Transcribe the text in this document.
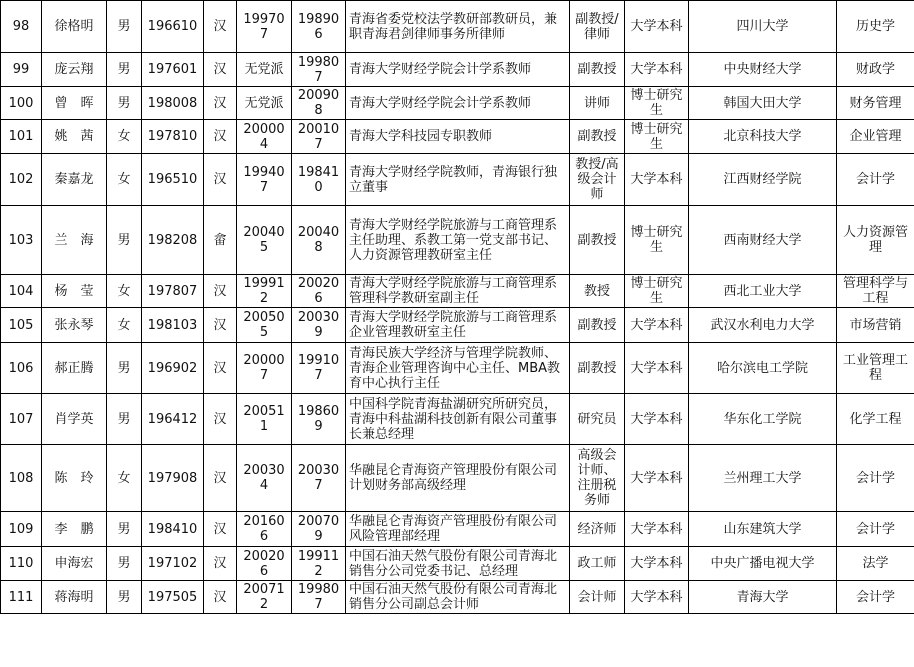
98	徐格明	男	196610	汉	199707	198906	青海省委党校法学教研部教研员，兼职青海君剑律师事务所律师	副教授/律师	大学本科	四川大学	历史学
99	庞云翔	男	197601	汉	无党派	199807	青海大学财经学院会计学系教师	副教授	大学本科	中央财经大学	财政学
100	曾　晖	男	198008	汉	无党派	200908	青海大学财经学院会计学系教师	讲师	博士研究生	韩国大田大学	财务管理
101	姚　茜	女	197810	汉	200004	200107	青海大学科技园专职教师	副教授	博士研究生	北京科技大学	企业管理
102	秦嘉龙	女	196510	汉	199407	198410	青海大学财经学院教师，青海银行独立董事	教授/高级会计师	大学本科	江西财经学院	会计学
103	兰　海	男	198208	畲	200405	200408	青海大学财经学院旅游与工商管理系主任助理、系教工第一党支部书记、人力资源管理教研室主任	副教授	博士研究生	西南财经大学	人力资源管理
104	杨　莹	女	197807	汉	199912	200206	青海大学财经学院旅游与工商管理系管理科学教研室副主任	教授	博士研究生	西北工业大学	管理科学与工程
105	张永琴	女	198103	汉	200505	200309	青海大学财经学院旅游与工商管理系企业管理教研室主任	副教授	大学本科	武汉水利电力大学	市场营销
106	郝正腾	男	196902	汉	200007	199107	青海民族大学经济与管理学院教师、青海企业管理咨询中心主任、MBA教育中心执行主任	副教授	大学本科	哈尔滨电工学院	工业管理工程
107	肖学英	男	196412	汉	200511	198609	中国科学院青海盐湖研究所研究员，青海中科盐湖科技创新有限公司董事长兼总经理	研究员	大学本科	华东化工学院	化学工程
108	陈　玲	女	197908	汉	200304	200307	华融昆仑青海资产管理股份有限公司计划财务部高级经理	高级会计师、注册税务师	大学本科	兰州理工大学	会计学
109	李　鹏	男	198410	汉	201606	200709	华融昆仑青海资产管理股份有限公司风险管理部经理	经济师	大学本科	山东建筑大学	会计学
110	申海宏	男	197102	汉	200206	199112	中国石油天然气股份有限公司青海北销售分公司党委书记、总经理	政工师	大学本科	中央广播电视大学	法学
111	蒋海明	男	197505	汉	200712	199807	中国石油天然气股份有限公司青海北销售分公司副总会计师	会计师	大学本科	青海大学	会计学
